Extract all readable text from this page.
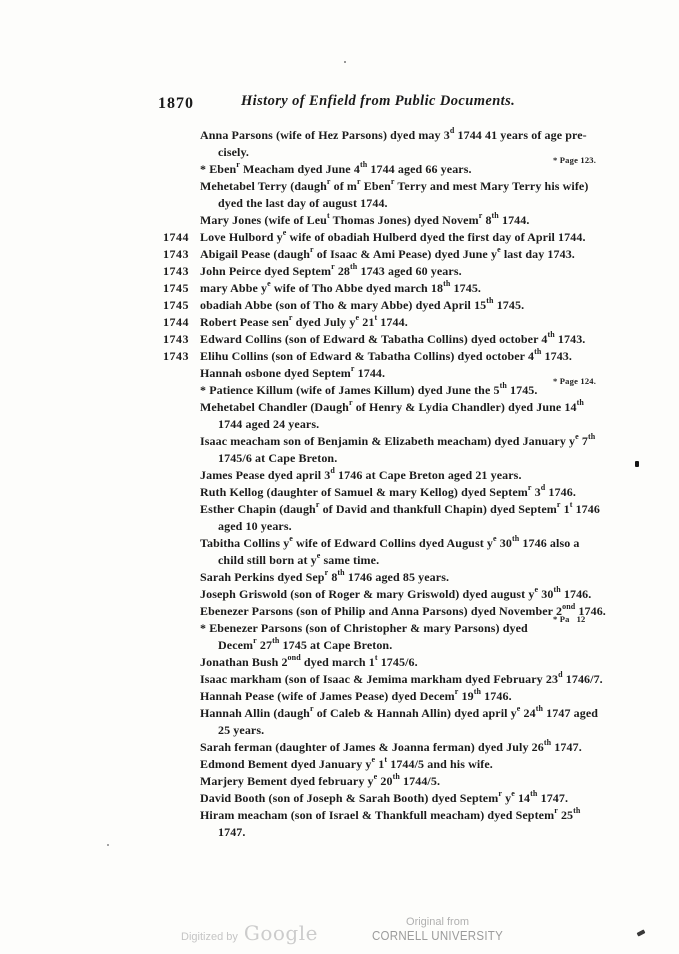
1870	History of Enfield from Public Documents.
Anna Parsons (wife of Hez Parsons) dyed may 3$^d$ 1744 41 years of age pre-
cisely.
* Eben$^r$ Meacham dyed June 4th 1744 aged 66 years.
* Page 123.
Mehetabel Terry (daugh$^r$ of $m^r$ Eben$^r$ Terry and mest Mary Terry his wife)
dyed the last day of august 1744.
Mary Jones (wife of Leu$^t$ Thomas Jones) dyed Novem$^r$ 8th 1744.
1744 Love Hulbord $y^e$ wife of obadiah Hulberd dyed the first day of April 1744.
1743 Abigail Pease (daugh$^r$ of Isaac & Ami Pease) dyed June $y^e$ last day 1743.
1743 John Peirce dyed Septem$^r$ 28th 1743 aged 60 years.
1745 mary Abbe $y^e$ wife of Tho Abbe dyed march 18th 1745.
1745 obadiah Abbe (son of Tho & mary Abbe) dyed April 15th 1745.
1744 Robert Pease sen$^r$ dyed July $y^e$ 21$^t$ 1744.
1743 Edward Collins (son of Edward & Tabatha Collins) dyed october 4th 1743.
1743 Elihu Collins (son of Edward & Tabatha Collins) dyed october 4th 1743.
Hannah osbone dyed Septem$^r$ 1744.
* Patience Killum (wife of James Killum) dyed June the 5th 1745.
* Page 124.
Mehetabel Chandler (Daugh$^r$ of Henry & Lydia Chandler) dyed June 14th
1744 aged 24 years.
Isaac meacham son of Benjamin & Elizabeth meacham) dyed January $y^e$ 7th
1745/6 at Cape Breton.
James Pease dyed april 3$^d$ 1746 at Cape Breton aged 21 years.
Ruth Kellog (daughter of Samuel & mary Kellog) dyed Septem$^r$ 3$^d$ 1746.
Esther Chapin (daugh$^r$ of David and thankfull Chapin) dyed Septem$^r$ 1$^t$ 1746
aged 10 years.
Tabitha Collins $y^e$ wife of Edward Collins dyed August $y^e$ 30th 1746 also a
child still born at $y^e$ same time.
Sarah Perkins dyed Sep$^r$ 8th 1746 aged 85 years.
Joseph Griswold (son of Roger & mary Griswold) dyed august $y^e$ 30th 1746.
Ebenezer Parsons (son of Philip and Anna Parsons) dyed November $2^{ond}$ 1746.
* Ebenezer Parsons (son of Christopher & mary Parsons) dyed
Decem$^r$ 27th 1745 at Cape Breton.
* Pa   12
Jonathan Bush $2^{ond}$ dyed march 1$^t$ 1745/6.
Isaac markham (son of Isaac & Jemima markham dyed February 23$^d$ 1746/7.
Hannah Pease (wife of James Pease) dyed Decem$^r$ 19th 1746.
Hannah Allin (daugh$^r$ of Caleb & Hannah Allin) dyed april $y^e$ 24th 1747 aged
25 years.
Sarah ferman (daughter of James & Joanna ferman) dyed July 26th 1747.
Edmond Bement dyed January $y^e$ 1$^t$ 1744/5 and his wife.
Marjery Bement dyed february $y^e$ 20th 1744/5.
David Booth (son of Joseph & Sarah Booth) dyed Septem$^r$ $y^e$ 14th 1747.
Hiram meacham (son of Israel & Thankfull meacham) dyed Septem$^r$ 25th
1747.
Digitized by Google	Original from
CORNELL UNIVERSITY
